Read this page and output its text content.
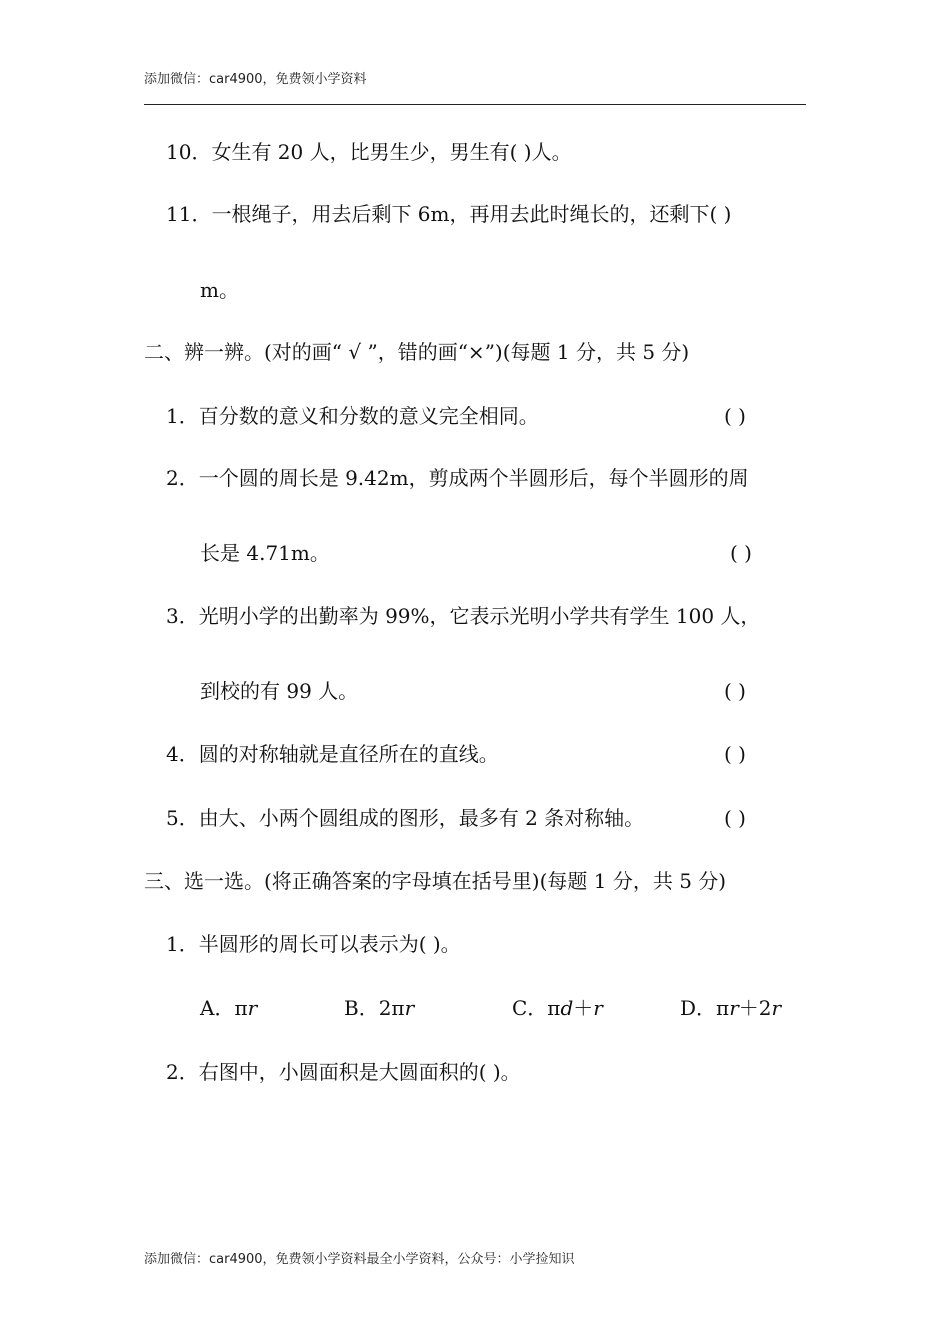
添加微信：car4900，免费领小学资料
10．女生有 20 人，比男生少，男生有( )人。
11．一根绳子，用去后剩下 6m，再用去此时绳长的，还剩下( )
m。
二、辨一辨。(对的画“ √ ”，错的画“×”)(每题 1 分，共 5 分)
1．百分数的意义和分数的意义完全相同。	( )
2．一个圆的周长是 9.42m，剪成两个半圆形后，每个半圆形的周
长是 4.71m。	( )
3．光明小学的出勤率为 99%，它表示光明小学共有学生 100 人，
到校的有 99 人。	( )
4．圆的对称轴就是直径所在的直线。	( )
5．由大、小两个圆组成的图形，最多有 2 条对称轴。	( )
三、选一选。(将正确答案的字母填在括号里)(每题 1 分，共 5 分)
1．半圆形的周长可以表示为( )。
A．πr	B．2πr	C．πd＋r	D．πr＋2r
2．右图中，小圆面积是大圆面积的( )。
添加微信：car4900，免费领小学资料最全小学资料，公众号：小学捡知识
